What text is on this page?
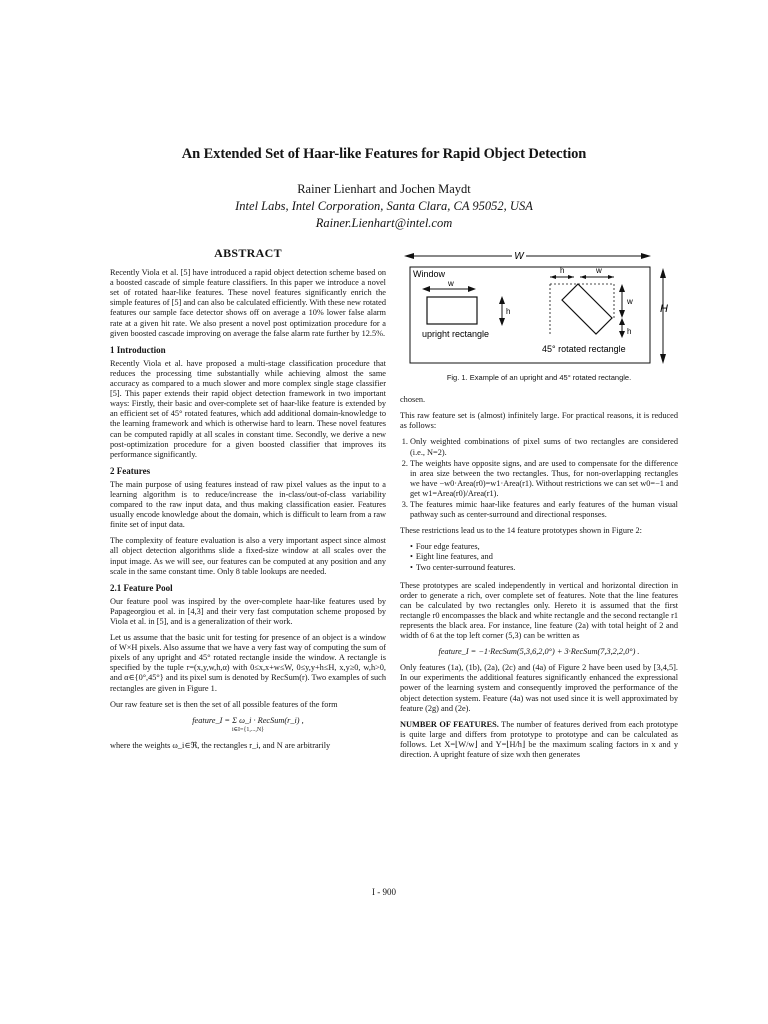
An Extended Set of Haar-like Features for Rapid Object Detection
Rainer Lienhart and Jochen Maydt
Intel Labs, Intel Corporation, Santa Clara, CA 95052, USA
Rainer.Lienhart@intel.com
ABSTRACT

Recently Viola et al. [5] have introduced a rapid object detection scheme based on a boosted cascade of simple feature classifiers. In this paper we introduce a novel set of rotated haar-like features. These novel features significantly enrich the simple features of [5] and can also be calculated efficiently. With these new rotated features our sample face detector shows off on average a 10% lower false alarm rate at a given hit rate. We also present a novel post optimization procedure for a given boosted cascade improving on average the false alarm rate further by 12.5%.

1 Introduction

Recently Viola et al. have proposed a multi-stage classification procedure that reduces the processing time substantially while achieving almost the same accuracy as compared to a much slower and more complex single stage classifier [5]. This paper extends their rapid object detection framework in two important ways: Firstly, their basic and over-complete set of haar-like feature is extended by an efficient set of 45° rotated features, which add additional domain-knowledge to the learning framework and which is otherwise hard to learn. These novel features can be computed rapidly at all scales in constant time. Secondly, we derive a new post-optimization procedure for a given boosted classifier that improves its performance significantly.

2 Features

The main purpose of using features instead of raw pixel values as the input to a learning algorithm is to reduce/increase the in-class/out-of-class variability compared to the raw input data, and thus making classification easier. Features usually encode knowledge about the domain, which is difficult to learn from a raw finite set of input data.

The complexity of feature evaluation is also a very important aspect since almost all object detection algorithms slide a fixed-size window at all scales over the input image. As we will see, our features can be computed at any position and any scale in the same constant time. Only 8 table lookups are needed.

2.1 Feature Pool

Our feature pool was inspired by the over-complete haar-like features used by Papageorgiou et al. in [4,3] and their very fast computation scheme proposed by Viola et al. in [5], and is a generalization of their work.

Let us assume that the basic unit for testing for presence of an object is a window of W×H pixels. Also assume that we have a very fast way of computing the sum of pixels of any upright and 45° rotated rectangle inside the window. A rectangle is specified by the tuple r=(x,y,w,h,α) with 0≤x,x+w≤W, 0≤y,y+h≤H, x,y≥0, w,h>0, and α∈{0°,45°} and its pixel sum is denoted by RecSum(r). Two examples of such rectangles are given in Figure 1.

Our raw feature set is then the set of all possible features of the form

feature_I = Σ ω_i · RecSum(r_i) ,
i∈I={1,...,N}

where the weights ω_i∈ℜ, the rectangles r_i, and N are arbitrarily

W
Window
H
w
h
upright rectangle
h	w
w
h
45° rotated rectangle
Fig. 1. Example of an upright and 45° rotated rectangle.

chosen.

This raw feature set is (almost) infinitely large. For practical reasons, it is reduced as follows:

1. Only weighted combinations of pixel sums of two rectangles are considered (i.e., N=2).
2. The weights have opposite signs, and are used to compensate for the difference in area size between the two rectangles. Thus, for non-overlapping rectangles we have −w0·Area(r0)=w1·Area(r1). Without restrictions we can set w0=−1 and get w1=Area(r0)/Area(r1).
3. The features mimic haar-like features and early features of the human visual pathway such as center-surround and directional responses.

These restrictions lead us to the 14 feature prototypes shown in Figure 2:

• Four edge features,
• Eight line features, and
• Two center-surround features.

These prototypes are scaled independently in vertical and horizontal direction in order to generate a rich, over complete set of features. Note that the line features can be calculated by two rectangles only. Hereto it is assumed that the first rectangle r0 encompasses the black and white rectangle and the second rectangle r1 represents the black area. For instance, line feature (2a) with total height of 2 and width of 6 at the top left corner (5,3) can be written as

feature_I = −1·RecSum(5,3,6,2,0°) + 3·RecSum(7,3,2,2,0°) .

Only features (1a), (1b), (2a), (2c) and (4a) of Figure 2 have been used by [3,4,5]. In our experiments the additional features significantly enhanced the expressional power of the learning system and consequently improved the performance of the object detection system. Feature (4a) was not used since it is well approximated by feature (2g) and (2e).

NUMBER OF FEATURES. The number of features derived from each prototype is quite large and differs from prototype to prototype and can be calculated as follows. Let X=⌊W/w⌋ and Y=⌊H/h⌋ be the maximum scaling factors in x and y direction. A upright feature of size wxh then generates

I - 900
